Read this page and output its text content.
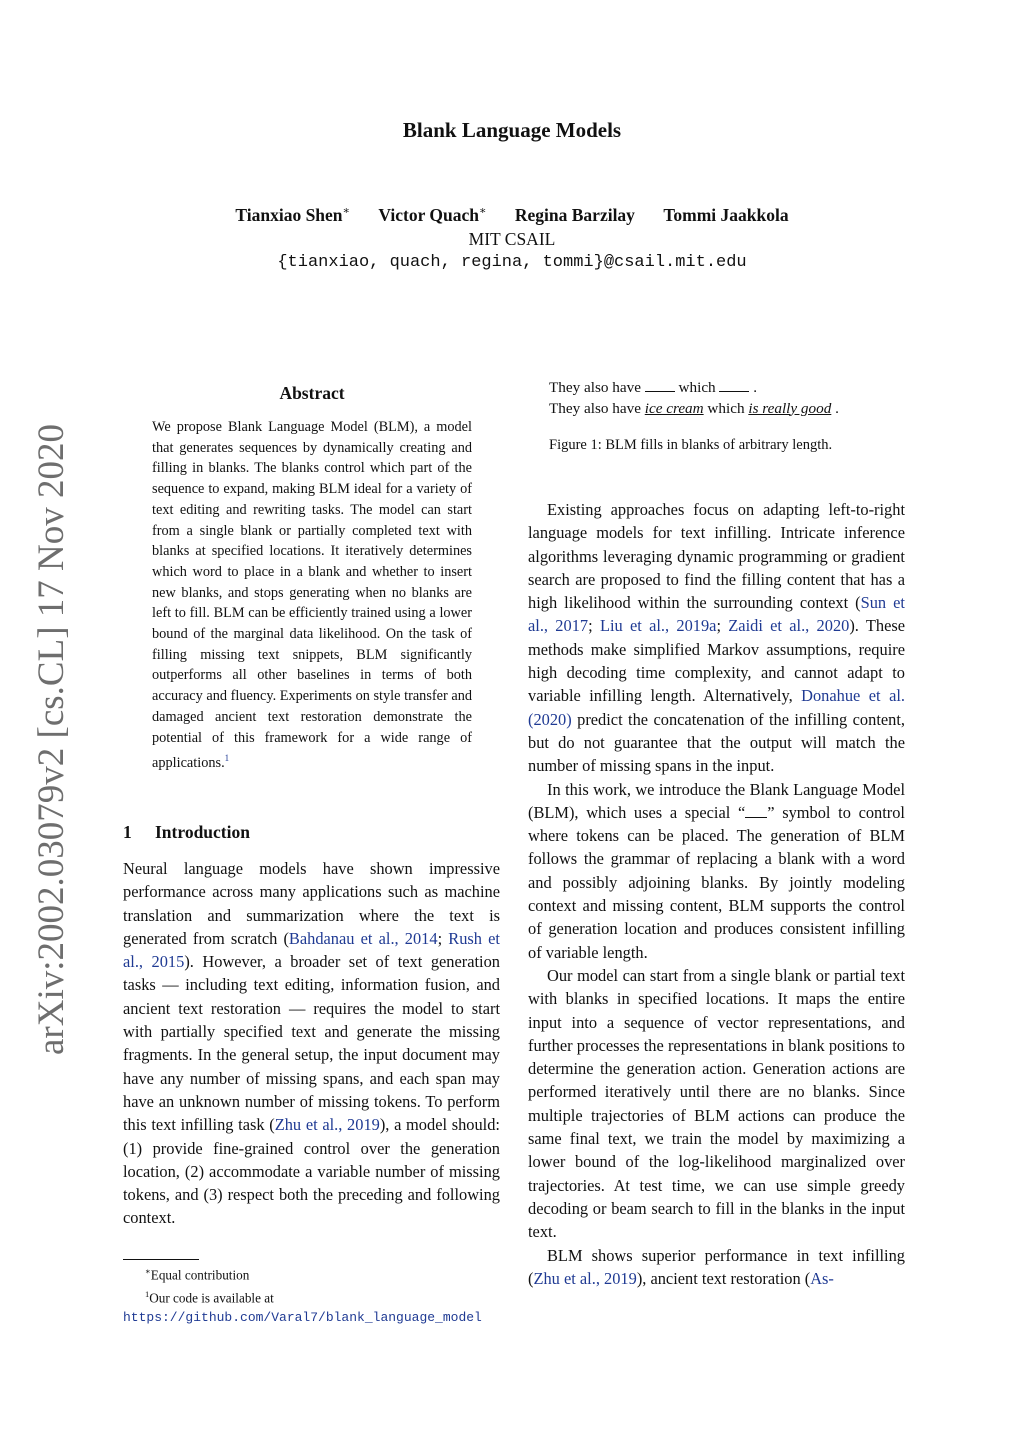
arXiv:2002.03079v2 [cs.CL] 17 Nov 2020
Blank Language Models
Tianxiao Shen∗ Victor Quach∗ Regina Barzilay Tommi Jaakkola
MIT CSAIL
{tianxiao, quach, regina, tommi}@csail.mit.edu
Abstract
We propose Blank Language Model (BLM), a model that generates sequences by dynamically creating and filling in blanks. The blanks control which part of the sequence to expand, making BLM ideal for a variety of text editing and rewriting tasks. The model can start from a single blank or partially completed text with blanks at specified locations. It iteratively determines which word to place in a blank and whether to insert new blanks, and stops generating when no blanks are left to fill. BLM can be efficiently trained using a lower bound of the marginal data likelihood. On the task of filling missing text snippets, BLM significantly outperforms all other baselines in terms of both accuracy and fluency. Experiments on style transfer and damaged ancient text restoration demonstrate the potential of this framework for a wide range of applications.$^1$
1 Introduction
Neural language models have shown impressive performance across many applications such as machine translation and summarization where the text is generated from scratch (Bahdanau et al., 2014; Rush et al., 2015). However, a broader set of text generation tasks — including text editing, information fusion, and ancient text restoration — requires the model to start with partially specified text and generate the missing fragments. In the general setup, the input document may have any number of missing spans, and each span may have an unknown number of missing tokens. To perform this text infilling task (Zhu et al., 2019), a model should: (1) provide fine-grained control over the generation location, (2) accommodate a variable number of missing tokens, and (3) respect both the preceding and following context.
∗Equal contribution
$^1$Our code is available at https://github.com/Varal7/blank_language_model
They also have which .
They also have ice cream which is really good .
Figure 1: BLM fills in blanks of arbitrary length.

Existing approaches focus on adapting left-to-right language models for text infilling. Intricate inference algorithms leveraging dynamic programming or gradient search are proposed to find the filling content that has a high likelihood within the surrounding context (Sun et al., 2017; Liu et al., 2019a; Zaidi et al., 2020). These methods make simplified Markov assumptions, require high decoding time complexity, and cannot adapt to variable infilling length. Alternatively, Donahue et al. (2020) predict the concatenation of the infilling content, but do not guarantee that the output will match the number of missing spans in the input.

In this work, we introduce the Blank Language Model (BLM), which uses a special “ ” symbol to control where tokens can be placed. The generation of BLM follows the grammar of replacing a blank with a word and possibly adjoining blanks. By jointly modeling context and missing content, BLM supports the control of generation location and produces consistent infilling of variable length.

Our model can start from a single blank or partial text with blanks in specified locations. It maps the entire input into a sequence of vector representations, and further processes the representations in blank positions to determine the generation action. Generation actions are performed iteratively until there are no blanks. Since multiple trajectories of BLM actions can produce the same final text, we train the model by maximizing a lower bound of the log-likelihood marginalized over trajectories. At test time, we can use simple greedy decoding or beam search to fill in the blanks in the input text.

BLM shows superior performance in text infilling (Zhu et al., 2019), ancient text restoration (As-
